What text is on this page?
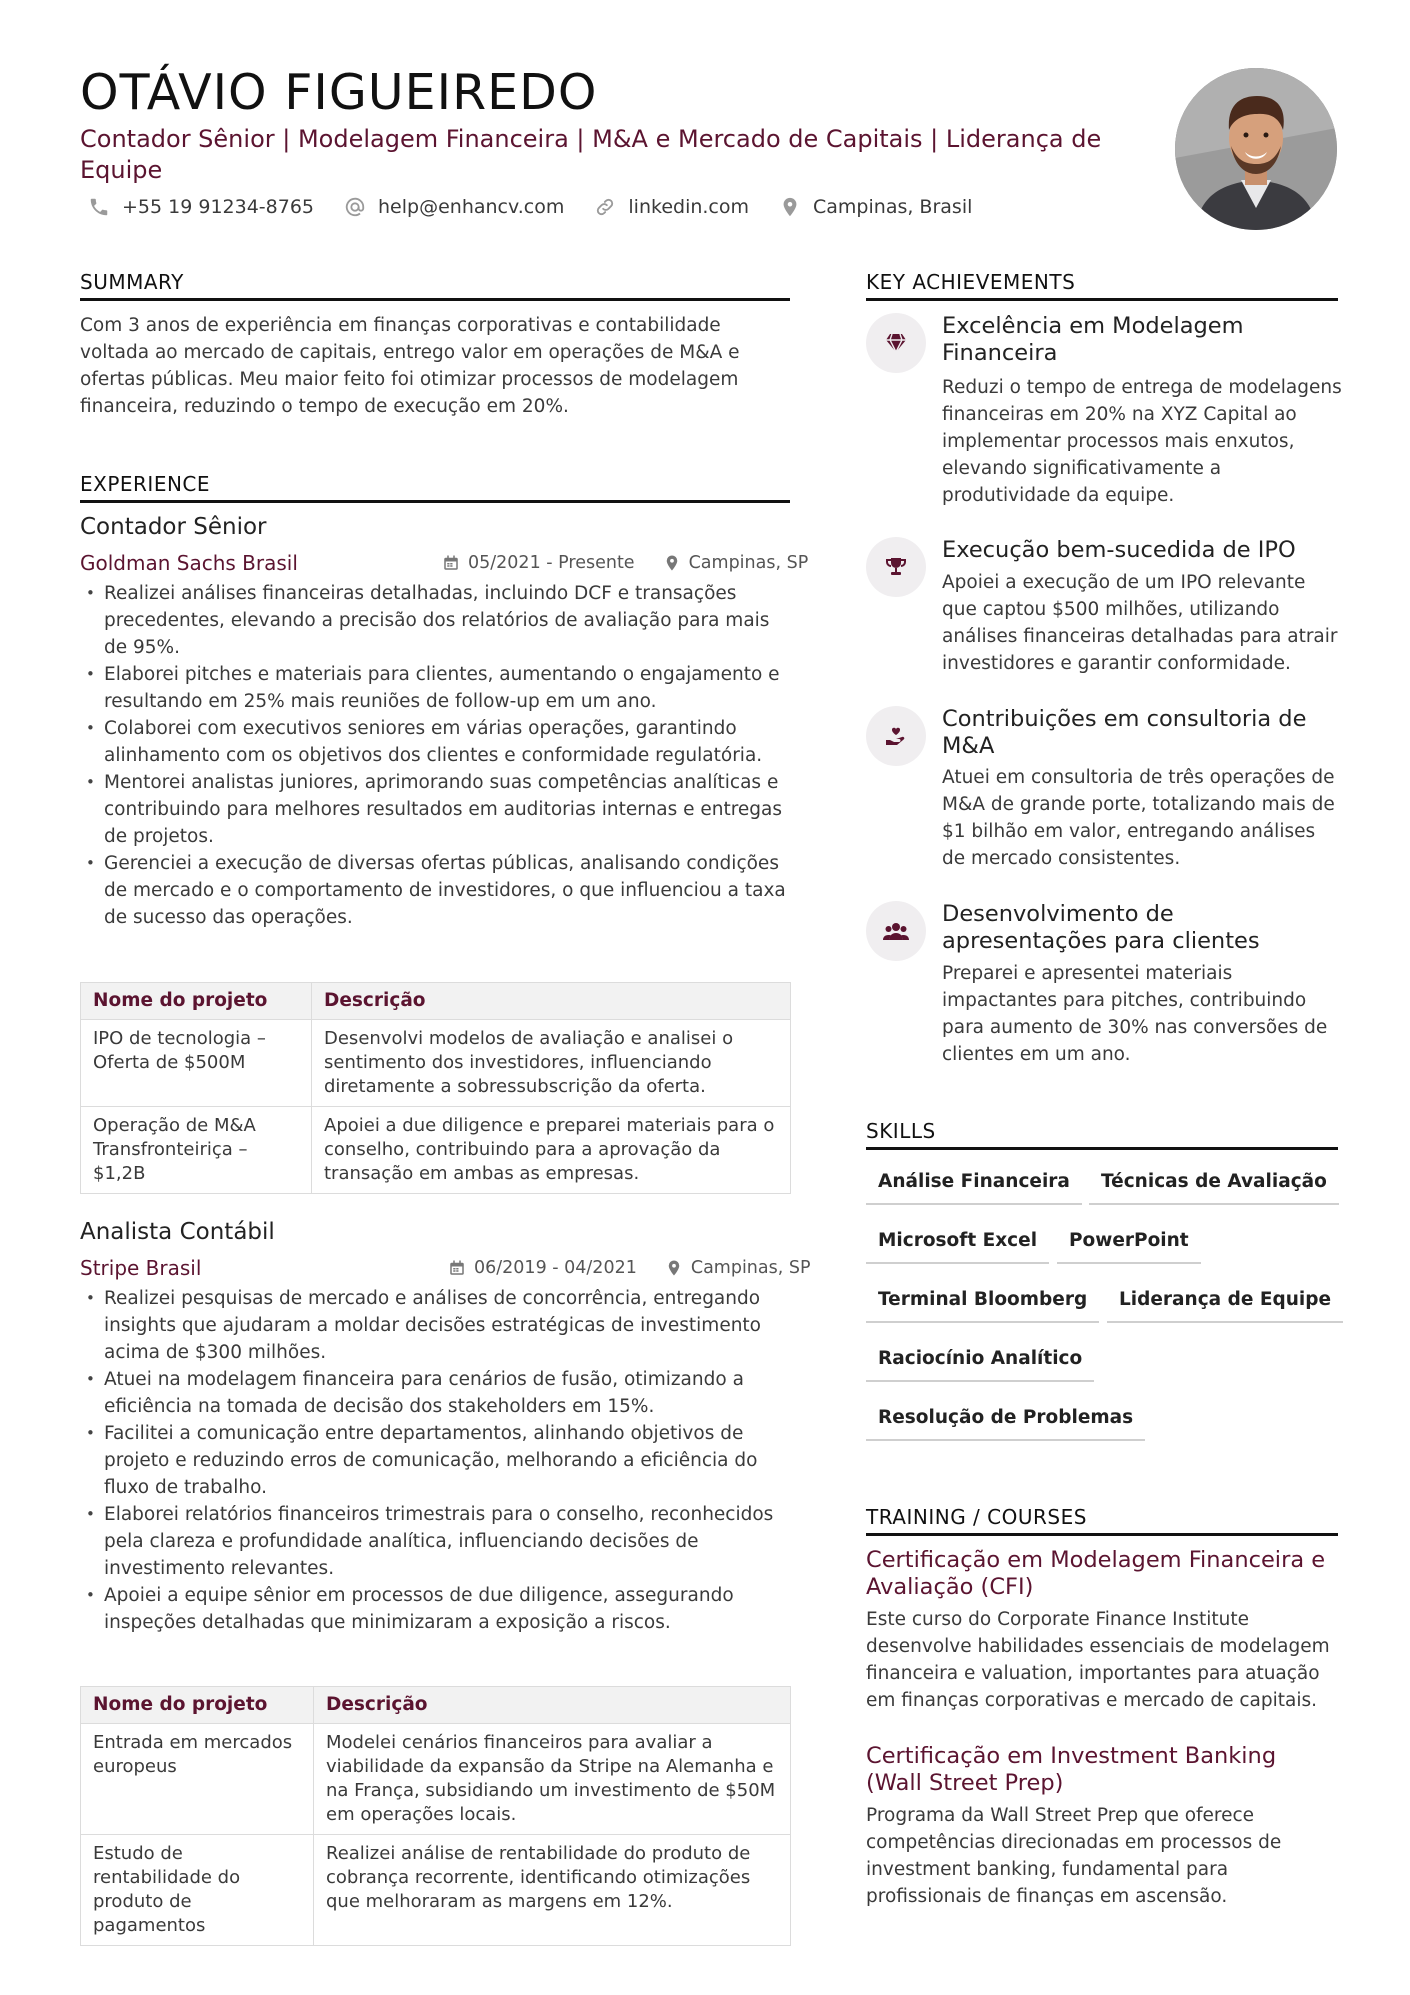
OTÁVIO FIGUEIREDO
Contador Sênior | Modelagem Financeira | M&A e Mercado de Capitais | Liderança de Equipe
+55 19 91234-8765	help@enhancv.com	linkedin.com	Campinas, Brasil
SUMMARY
Com 3 anos de experiência em finanças corporativas e contabilidade voltada ao mercado de capitais, entrego valor em operações de M&A e ofertas públicas. Meu maior feito foi otimizar processos de modelagem financeira, reduzindo o tempo de execução em 20%.
EXPERIENCE
Contador Sênior
Goldman Sachs Brasil	05/2021 - Presente	Campinas, SP
• Realizei análises financeiras detalhadas, incluindo DCF e transações precedentes, elevando a precisão dos relatórios de avaliação para mais de 95%.
• Elaborei pitches e materiais para clientes, aumentando o engajamento e resultando em 25% mais reuniões de follow-up em um ano.
• Colaborei com executivos seniores em várias operações, garantindo alinhamento com os objetivos dos clientes e conformidade regulatória.
• Mentorei analistas juniores, aprimorando suas competências analíticas e contribuindo para melhores resultados em auditorias internas e entregas de projetos.
• Gerenciei a execução de diversas ofertas públicas, analisando condições de mercado e o comportamento de investidores, o que influenciou a taxa de sucesso das operações.
Nome do projeto	Descrição
IPO de tecnologia – Oferta de $500M	Desenvolvi modelos de avaliação e analisei o sentimento dos investidores, influenciando diretamente a sobressubscrição da oferta.
Operação de M&A Transfronteiriça – $1,2B	Apoiei a due diligence e preparei materiais para o conselho, contribuindo para a aprovação da transação em ambas as empresas.
Analista Contábil
Stripe Brasil	06/2019 - 04/2021	Campinas, SP
• Realizei pesquisas de mercado e análises de concorrência, entregando insights que ajudaram a moldar decisões estratégicas de investimento acima de $300 milhões.
• Atuei na modelagem financeira para cenários de fusão, otimizando a eficiência na tomada de decisão dos stakeholders em 15%.
• Facilitei a comunicação entre departamentos, alinhando objetivos de projeto e reduzindo erros de comunicação, melhorando a eficiência do fluxo de trabalho.
• Elaborei relatórios financeiros trimestrais para o conselho, reconhecidos pela clareza e profundidade analítica, influenciando decisões de investimento relevantes.
• Apoiei a equipe sênior em processos de due diligence, assegurando inspeções detalhadas que minimizaram a exposição a riscos.
Nome do projeto	Descrição
Entrada em mercados europeus	Modelei cenários financeiros para avaliar a viabilidade da expansão da Stripe na Alemanha e na França, subsidiando um investimento de $50M em operações locais.
Estudo de rentabilidade do produto de pagamentos	Realizei análise de rentabilidade do produto de cobrança recorrente, identificando otimizações que melhoraram as margens em 12%.
KEY ACHIEVEMENTS
Excelência em Modelagem Financeira
Reduzi o tempo de entrega de modelagens financeiras em 20% na XYZ Capital ao implementar processos mais enxutos, elevando significativamente a produtividade da equipe.
Execução bem-sucedida de IPO
Apoiei a execução de um IPO relevante que captou $500 milhões, utilizando análises financeiras detalhadas para atrair investidores e garantir conformidade.
Contribuições em consultoria de M&A
Atuei em consultoria de três operações de M&A de grande porte, totalizando mais de $1 bilhão em valor, entregando análises de mercado consistentes.
Desenvolvimento de apresentações para clientes
Preparei e apresentei materiais impactantes para pitches, contribuindo para aumento de 30% nas conversões de clientes em um ano.
SKILLS
Análise Financeira	Técnicas de Avaliação
Microsoft Excel	PowerPoint
Terminal Bloomberg	Liderança de Equipe
Raciocínio Analítico
Resolução de Problemas
TRAINING / COURSES
Certificação em Modelagem Financeira e Avaliação (CFI)
Este curso do Corporate Finance Institute desenvolve habilidades essenciais de modelagem financeira e valuation, importantes para atuação em finanças corporativas e mercado de capitais.
Certificação em Investment Banking (Wall Street Prep)
Programa da Wall Street Prep que oferece competências direcionadas em processos de investment banking, fundamental para profissionais de finanças em ascensão.
